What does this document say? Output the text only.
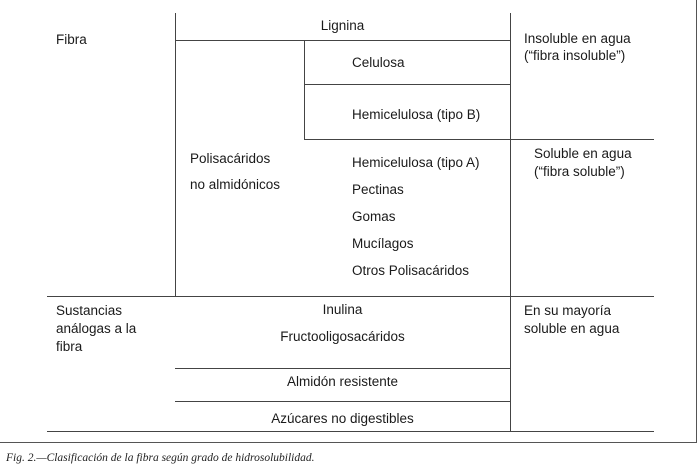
Fibra
Sustancias
análogas a la
fibra
Lignina
Polisacáridos
no almidónicos
Celulosa
Hemicelulosa (tipo B)
Hemicelulosa (tipo A)
Pectinas
Gomas
Mucílagos
Otros Polisacáridos
Inulina
Fructooligosacáridos
Almidón resistente
Azúcares no digestibles
Insoluble en agua
(“fibra insoluble”)
Soluble en agua
(“fibra soluble”)
En su mayoría
soluble en agua
Fig. 2.—Clasificación de la fibra según grado de hidrosolubilidad.
